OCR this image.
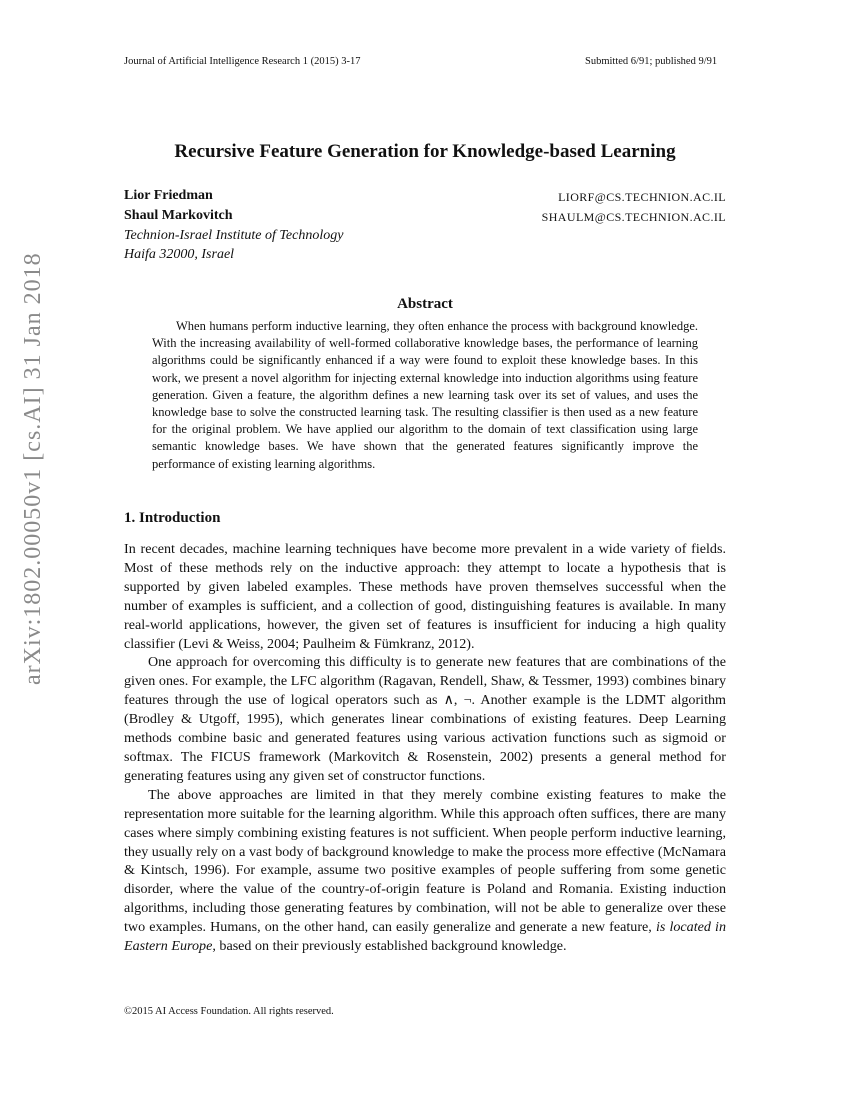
arXiv:1802.00050v1 [cs.AI] 31 Jan 2018
Journal of Artificial Intelligence Research 1 (2015) 3-17	Submitted 6/91; published 9/91
Recursive Feature Generation for Knowledge-based Learning
Lior Friedman	LIORF@CS.TECHNION.AC.IL
Shaul Markovitch	SHAULM@CS.TECHNION.AC.IL
Technion-Israel Institute of Technology
Haifa 32000, Israel
Abstract
When humans perform inductive learning, they often enhance the process with background knowledge. With the increasing availability of well-formed collaborative knowledge bases, the performance of learning algorithms could be significantly enhanced if a way were found to exploit these knowledge bases. In this work, we present a novel algorithm for injecting external knowledge into induction algorithms using feature generation. Given a feature, the algorithm defines a new learning task over its set of values, and uses the knowledge base to solve the constructed learning task. The resulting classifier is then used as a new feature for the original problem. We have applied our algorithm to the domain of text classification using large semantic knowledge bases. We have shown that the generated features significantly improve the performance of existing learning algorithms.
1. Introduction

In recent decades, machine learning techniques have become more prevalent in a wide variety of fields. Most of these methods rely on the inductive approach: they attempt to locate a hypothesis that is supported by given labeled examples. These methods have proven themselves successful when the number of examples is sufficient, and a collection of good, distinguishing features is available. In many real-world applications, however, the given set of features is insufficient for inducing a high quality classifier (Levi & Weiss, 2004; Paulheim & Fümkranz, 2012).

One approach for overcoming this difficulty is to generate new features that are combinations of the given ones. For example, the LFC algorithm (Ragavan, Rendell, Shaw, & Tessmer, 1993) combines binary features through the use of logical operators such as ∧, ¬. Another example is the LDMT algorithm (Brodley & Utgoff, 1995), which generates linear combinations of existing features. Deep Learning methods combine basic and generated features using various activation functions such as sigmoid or softmax. The FICUS framework (Markovitch & Rosenstein, 2002) presents a general method for generating features using any given set of constructor functions.

The above approaches are limited in that they merely combine existing features to make the representation more suitable for the learning algorithm. While this approach often suffices, there are many cases where simply combining existing features is not sufficient. When people perform inductive learning, they usually rely on a vast body of background knowledge to make the process more effective (McNamara & Kintsch, 1996). For example, assume two positive examples of people suffering from some genetic disorder, where the value of the country-of-origin feature is Poland and Romania. Existing induction algorithms, including those generating features by combination, will not be able to generalize over these two examples. Humans, on the other hand, can easily generalize and generate a new feature, is located in Eastern Europe, based on their previously established background knowledge.

©2015 AI Access Foundation. All rights reserved.
